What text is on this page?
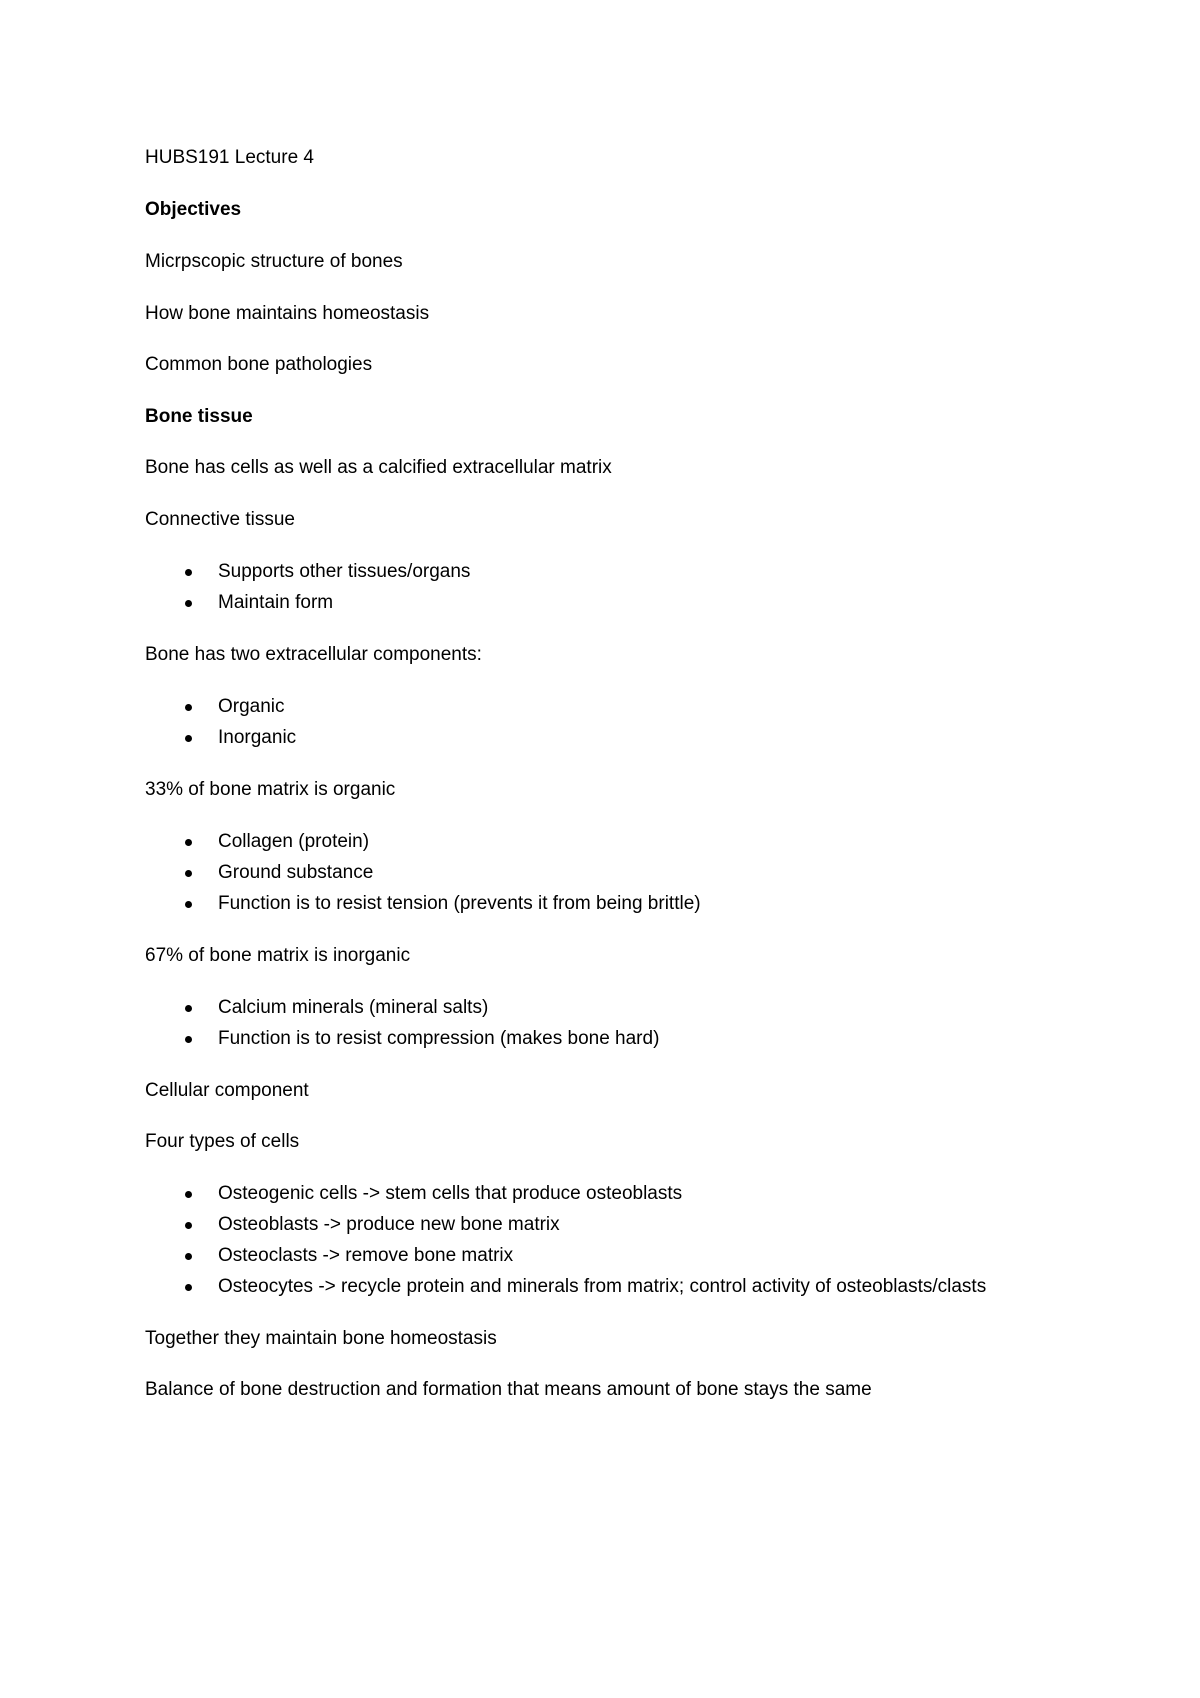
HUBS191 Lecture 4
Objectives
Micrpscopic structure of bones
How bone maintains homeostasis
Common bone pathologies
Bone tissue
Bone has cells as well as a calcified extracellular matrix
Connective tissue
Supports other tissues/organs
Maintain form
Bone has two extracellular components:
Organic
Inorganic
33% of bone matrix is organic
Collagen (protein)
Ground substance
Function is to resist tension (prevents it from being brittle)
67% of bone matrix is inorganic
Calcium minerals (mineral salts)
Function is to resist compression (makes bone hard)
Cellular component
Four types of cells
Osteogenic cells -> stem cells that produce osteoblasts
Osteoblasts -> produce new bone matrix
Osteoclasts -> remove bone matrix
Osteocytes -> recycle protein and minerals from matrix; control activity of osteoblasts/clasts
Together they maintain bone homeostasis
Balance of bone destruction and formation that means amount of bone stays the same
